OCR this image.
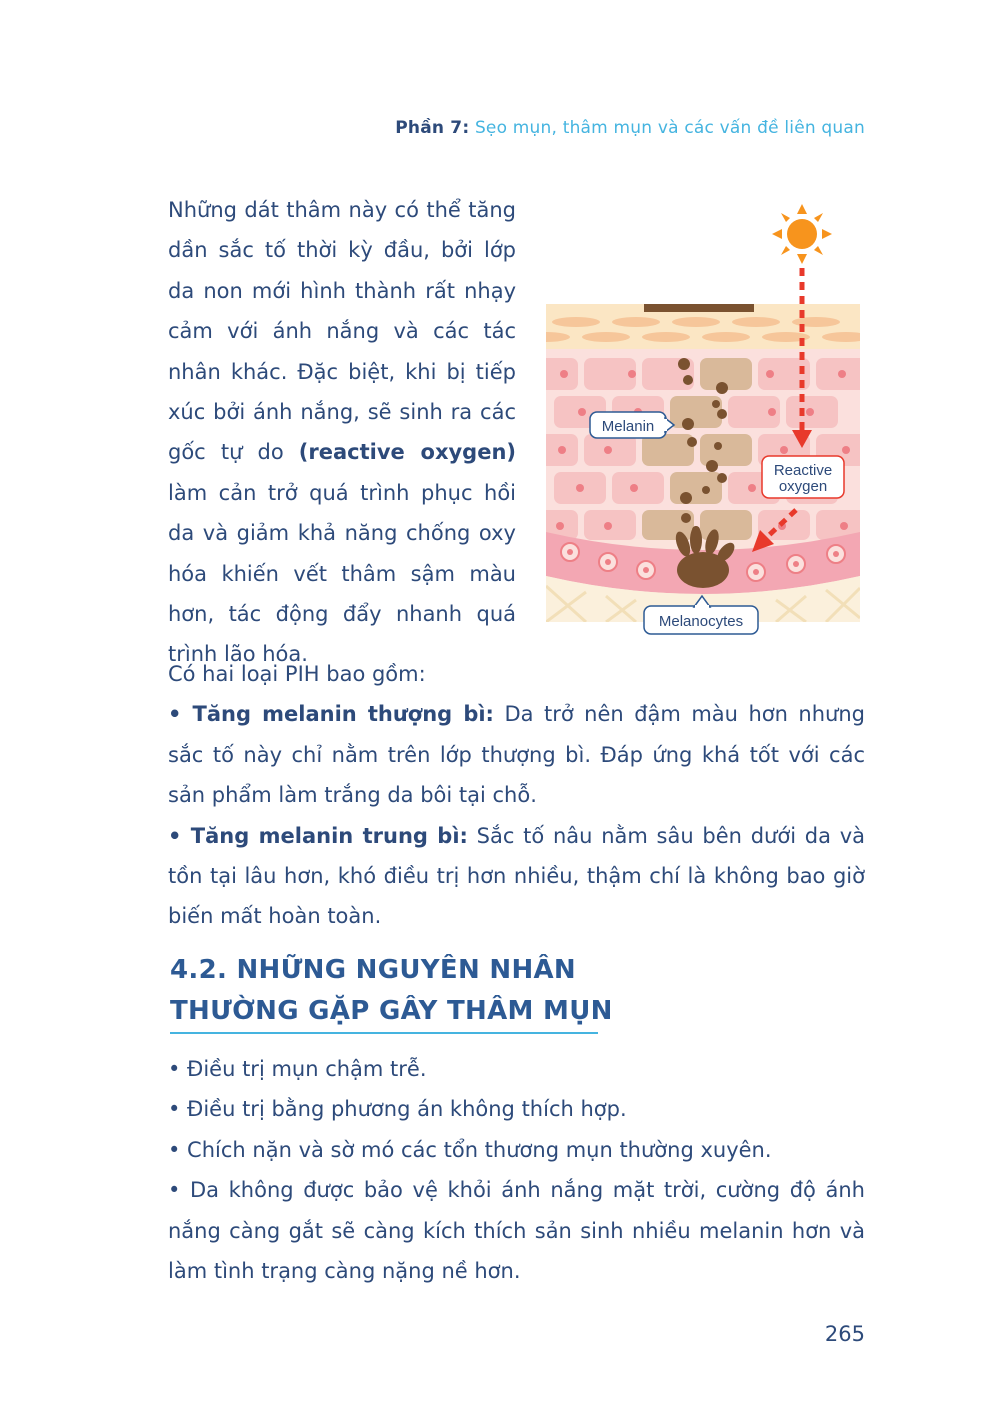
Phần 7: Sẹo mụn, thâm mụn và các vấn đề liên quan
Những dát thâm này có thể tăng dần sắc tố thời kỳ đầu, bởi lớp da non mới hình thành rất nhạy cảm với ánh nắng và các tác nhân khác. Đặc biệt, khi bị tiếp xúc bởi ánh nắng, sẽ sinh ra các gốc tự do (reactive oxygen) làm cản trở quá trình phục hồi da và giảm khả năng chống oxy hóa khiến vết thâm sậm màu hơn, tác động đẩy nhanh quá trình lão hóa.
Melanin
Reactive
oxygen
Melanocytes

Có hai loại PIH bao gồm:

• Tăng melanin thượng bì: Da trở nên đậm màu hơn nhưng sắc tố này chỉ nằm trên lớp thượng bì. Đáp ứng khá tốt với các sản phẩm làm trắng da bôi tại chỗ.

• Tăng melanin trung bì: Sắc tố nâu nằm sâu bên dưới da và tồn tại lâu hơn, khó điều trị hơn nhiều, thậm chí là không bao giờ biến mất hoàn toàn.

4.2. NHỮNG NGUYÊN NHÂN
THƯỜNG GẶP GÂY THÂM MỤN

• Điều trị mụn chậm trễ.

• Điều trị bằng phương án không thích hợp.

• Chích nặn và sờ mó các tổn thương mụn thường xuyên.

• Da không được bảo vệ khỏi ánh nắng mặt trời, cường độ ánh nắng càng gắt sẽ càng kích thích sản sinh nhiều melanin hơn và làm tình trạng càng nặng nề hơn.

265
